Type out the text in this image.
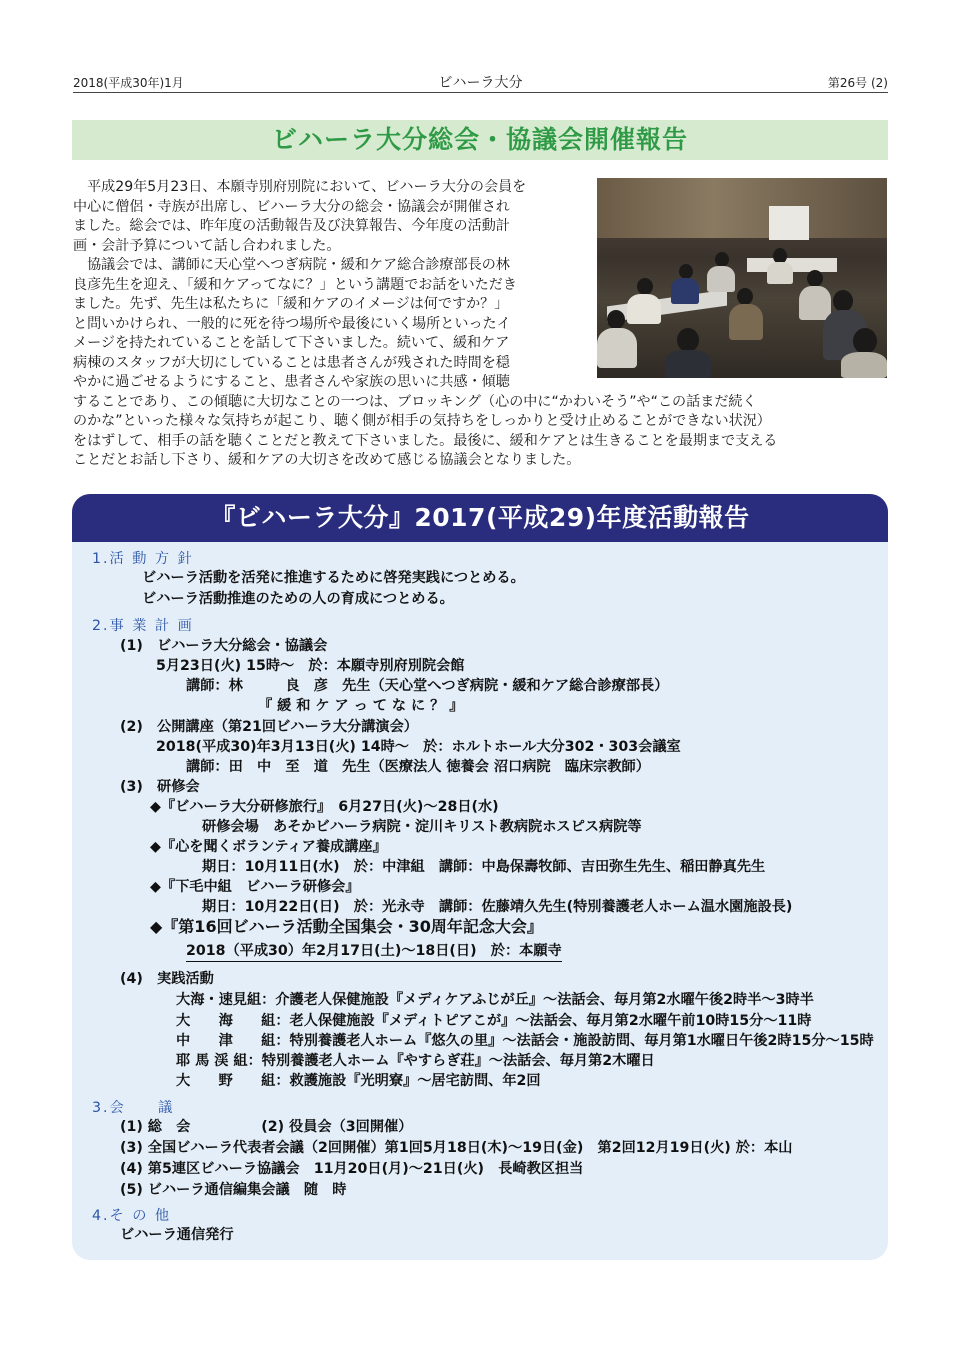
2018(平成30年)1月	ビハーラ大分	第26号 (2)
ビハーラ大分総会・協議会開催報告
　平成29年5月23日、本願寺別府別院において、ビハーラ大分の会員を
中心に僧侶・寺族が出席し、ビハーラ大分の総会・協議会が開催され
ました。総会では、昨年度の活動報告及び決算報告、今年度の活動計
画・会計予算について話し合われました。
　協議会では、講師に天心堂へつぎ病院・緩和ケア総合診療部長の林
良彦先生を迎え、「緩和ケアってなに？」という講題でお話をいただき
ました。先ず、先生は私たちに「緩和ケアのイメージは何ですか？」
と問いかけられ、一般的に死を待つ場所や最後にいく場所といったイ
メージを持たれていることを話して下さいました。続いて、緩和ケア
病棟のスタッフが大切にしていることは患者さんが残された時間を穏
やかに過ごせるようにすること、患者さんや家族の思いに共感・傾聴
することであり、この傾聴に大切なことの一つは、ブロッキング（心の中に“かわいそう”や“この話まだ続く
のかな”といった様々な気持ちが起こり、聴く側が相手の気持ちをしっかりと受け止めることができない状況）
をはずして、相手の話を聴くことだと教えて下さいました。最後に、緩和ケアとは生きることを最期まで支える
ことだとお話し下さり、緩和ケアの大切さを改めて感じる協議会となりました。
『ビハーラ大分』2017(平成29)年度活動報告
1.活 動 方 針
ビハーラ活動を活発に推進するために啓発実践につとめる。
ビハーラ活動推進のための人の育成につとめる。
2.事 業 計 画
(1)　ビハーラ大分総会・協議会
5月23日(火) 15時～　於：本願寺別府別院会館
講師：林　　　良　彦　先生（天心堂へつぎ病院・緩和ケア総合診療部長）
『 緩 和 ケ ア っ て な に ？ 』
(2)　公開講座（第21回ビハーラ大分講演会）
2018(平成30)年3月13日(火) 14時～　於：ホルトホール大分302・303会議室
講師：田　中　至　道　先生（医療法人 徳養会 沼口病院　臨床宗教師）
(3)　研修会
◆『ビハーラ大分研修旅行』　6月27日(火)～28日(水)
研修会場　あそかビハーラ病院・淀川キリスト教病院ホスピス病院等
◆『心を聞くボランティア養成講座』
期日：10月11日(水)　於：中津組　講師：中島保壽牧師、吉田弥生先生、稲田静真先生
◆『下毛中組　ビハーラ研修会』
期日：10月22日(日)　於：光永寺　講師：佐藤靖久先生(特別養護老人ホーム温水園施設長)
◆『第16回ビハーラ活動全国集会・30周年記念大会』
2018（平成30）年2月17日(土)～18日(日)　於：本願寺
(4)　実践活動
大海・速見組：介護老人保健施設『メディケアふじが丘』～法話会、毎月第2水曜午後2時半～3時半
大　　海　　組：老人保健施設『メディトピアこが』～法話会、毎月第2水曜午前10時15分～11時
中　　津　　組：特別養護老人ホーム『悠久の里』～法話会・施設訪問、毎月第1水曜日午後2時15分～15時
耶 馬 渓 組：特別養護老人ホーム『やすらぎ荘』～法話会、毎月第2木曜日
大　　野　　組：救護施設『光明寮』～居宅訪問、年2回
3.会　　議
(1) 総　会　　　　　(2) 役員会（3回開催）
(3) 全国ビハーラ代表者会議（2回開催）第1回5月18日(木)～19日(金)　第2回12月19日(火) 於：本山
(4) 第5連区ビハーラ協議会　11月20日(月)～21日(火)　長崎教区担当
(5) ビハーラ通信編集会議　随　時
4.そ の 他
ビハーラ通信発行
